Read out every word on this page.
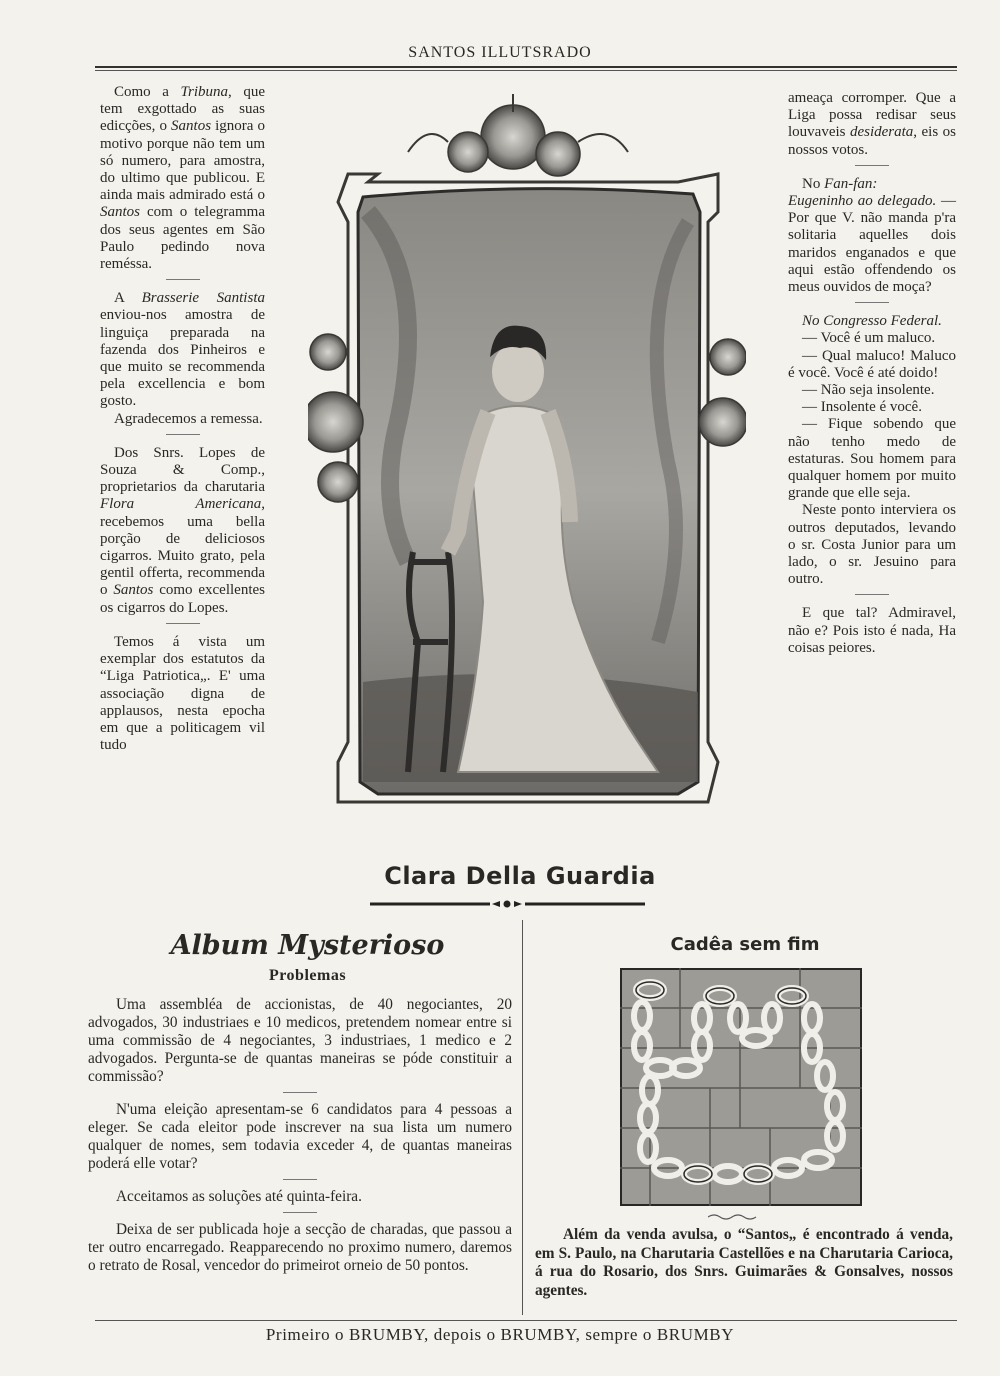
SANTOS ILLUTSRADO

Como a Tribuna, que tem exgottado as suas edicções, o Santos ignora o motivo porque não tem um só numero, para amostra, do ultimo que publicou. E ainda mais admirado está o Santos com o telegramma dos seus agentes em São Paulo pedindo nova reméssa.

A Brasserie Santista enviou-nos amostra de linguiça preparada na fazenda dos Pinheiros e que muito se recommenda pela excellencia e bom gosto.

Agradecemos a remessa.

Dos Snrs. Lopes de Souza & Comp., proprietarios da charutaria Flora Americana, recebemos uma bella porção de deliciosos cigarros. Muito grato, pela gentil offerta, recommenda o Santos como excellentes os cigarros do Lopes.

Temos á vista um exemplar dos estatutos da “Liga Patriotica„. E' uma associação digna de applausos, nesta epocha em que a politicagem vil tudo

ameaça corromper. Que a Liga possa redisar seus louvaveis desiderata, eis os nossos votos.

No Fan-fan:
Eugeninho ao delegado. — Por que V. não manda p'ra solitaria aquelles dois maridos enganados e que aqui estão offendendo os meus ouvidos de moça?

No Congresso Federal.

— Você é um maluco.

— Qual maluco! Maluco é você. Você é até doido!

— Não seja insolente.

— Insolente é você.

— Fique sobendo que não tenho medo de estaturas. Sou homem para qualquer homem por muito grande que elle seja.

Neste ponto interviera os outros deputados, levando o sr. Costa Junior para um lado, o sr. Jesuino para outro.

E que tal? Admiravel, não e? Pois isto é nada, Ha coisas peiores.

Clara Della Guardia
Album Mysterioso
Problemas

Uma assembléa de accionistas, de 40 negociantes, 20 advogados, 30 industriaes e 10 medicos, pretendem nomear entre si uma commissão de 4 negociantes, 3 industriaes, 1 medico e 2 advogados. Pergunta-se de quantas maneiras se póde constituir a commissão?

N'uma eleição apresentam-se 6 candidatos para 4 pessoas a eleger. Se cada eleitor pode inscrever na sua lista um numero qualquer de nomes, sem todavia exceder 4, de quantas maneiras poderá elle votar?

Acceitamos as soluções até quinta-feira.

Deixa de ser publicada hoje a secção de charadas, que passou a ter outro encarregado. Reapparecendo no proximo numero, daremos o retrato de Rosal, vencedor do primeirot orneio de 50 pontos.

Cadêa sem fim

Além da venda avulsa, o “Santos„ é encontrado á venda, em S. Paulo, na Charutaria Castellões e na Charutaria Carioca, á rua do Rosario, dos Snrs. Guimarães & Gonsalves, nossos agentes.

Primeiro o BRUMBY, depois o BRUMBY, sempre o BRUMBY
